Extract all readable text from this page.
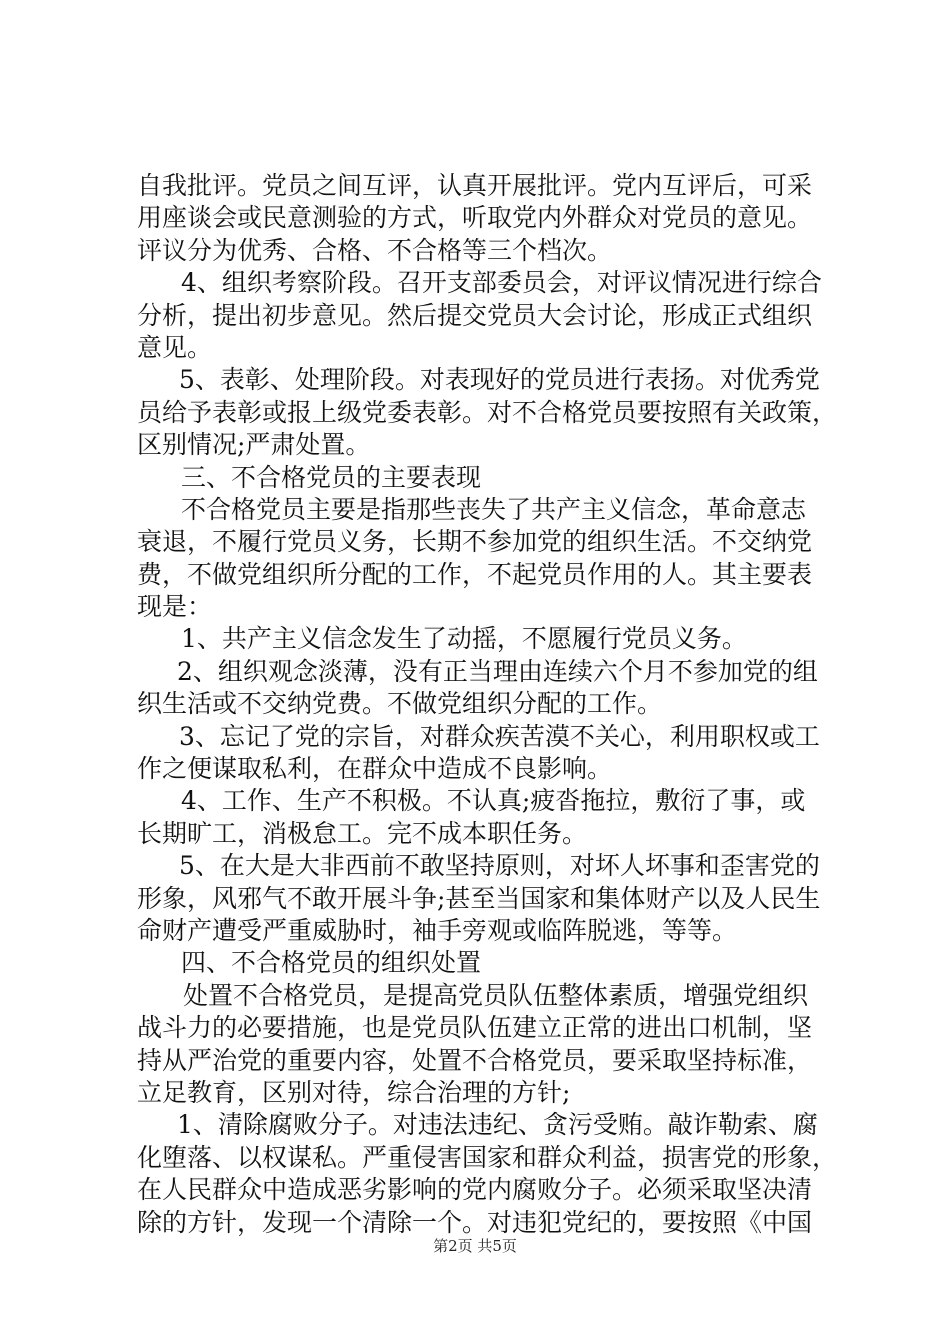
自我批评。党员之间互评，认真开展批评。党内互评后，可采
用座谈会或民意测验的方式，听取党内外群众对党员的意见。
评议分为优秀、合格、不合格等三个档次。
4、组织考察阶段。召开支部委员会，对评议情况进行综合
分析，提出初步意见。然后提交党员大会讨论，形成正式组织
意见。
5、表彰、处理阶段。对表现好的党员进行表扬。对优秀党
员给予表彰或报上级党委表彰。对不合格党员要按照有关政策，
区别情况;严肃处置。
三、不合格党员的主要表现
不合格党员主要是指那些丧失了共产主义信念，革命意志
衰退，不履行党员义务，长期不参加党的组织生活。不交纳党
费，不做党组织所分配的工作，不起党员作用的人。其主要表
现是：
1、共产主义信念发生了动摇，不愿履行党员义务。
2、组织观念淡薄，没有正当理由连续六个月不参加党的组
织生活或不交纳党费。不做党组织分配的工作。
3、忘记了党的宗旨，对群众疾苦漠不关心，利用职权或工
作之便谋取私利，在群众中造成不良影响。
4、工作、生产不积极。不认真;疲沓拖拉，敷衍了事，或
长期旷工，消极怠工。完不成本职任务。
5、在大是大非西前不敢坚持原则，对坏人坏事和歪害党的
形象，风邪气不敢开展斗争;甚至当国家和集体财产以及人民生
命财产遭受严重威胁时，袖手旁观或临阵脱逃，等等。
四、不合格党员的组织处置
处置不合格党员，是提高党员队伍整体素质，增强党组织
战斗力的必要措施，也是党员队伍建立正常的进出口机制，坚
持从严治党的重要内容，处置不合格党员，要采取坚持标准，
立足教育，区别对待，综合治理的方针;
1、清除腐败分子。对违法违纪、贪污受贿。敲诈勒索、腐
化堕落、以权谋私。严重侵害国家和群众利益，损害党的形象，
在人民群众中造成恶劣影响的党内腐败分子。必须采取坚决清
除的方针，发现一个清除一个。对违犯党纪的，要按照《中国
第2页 共5页
